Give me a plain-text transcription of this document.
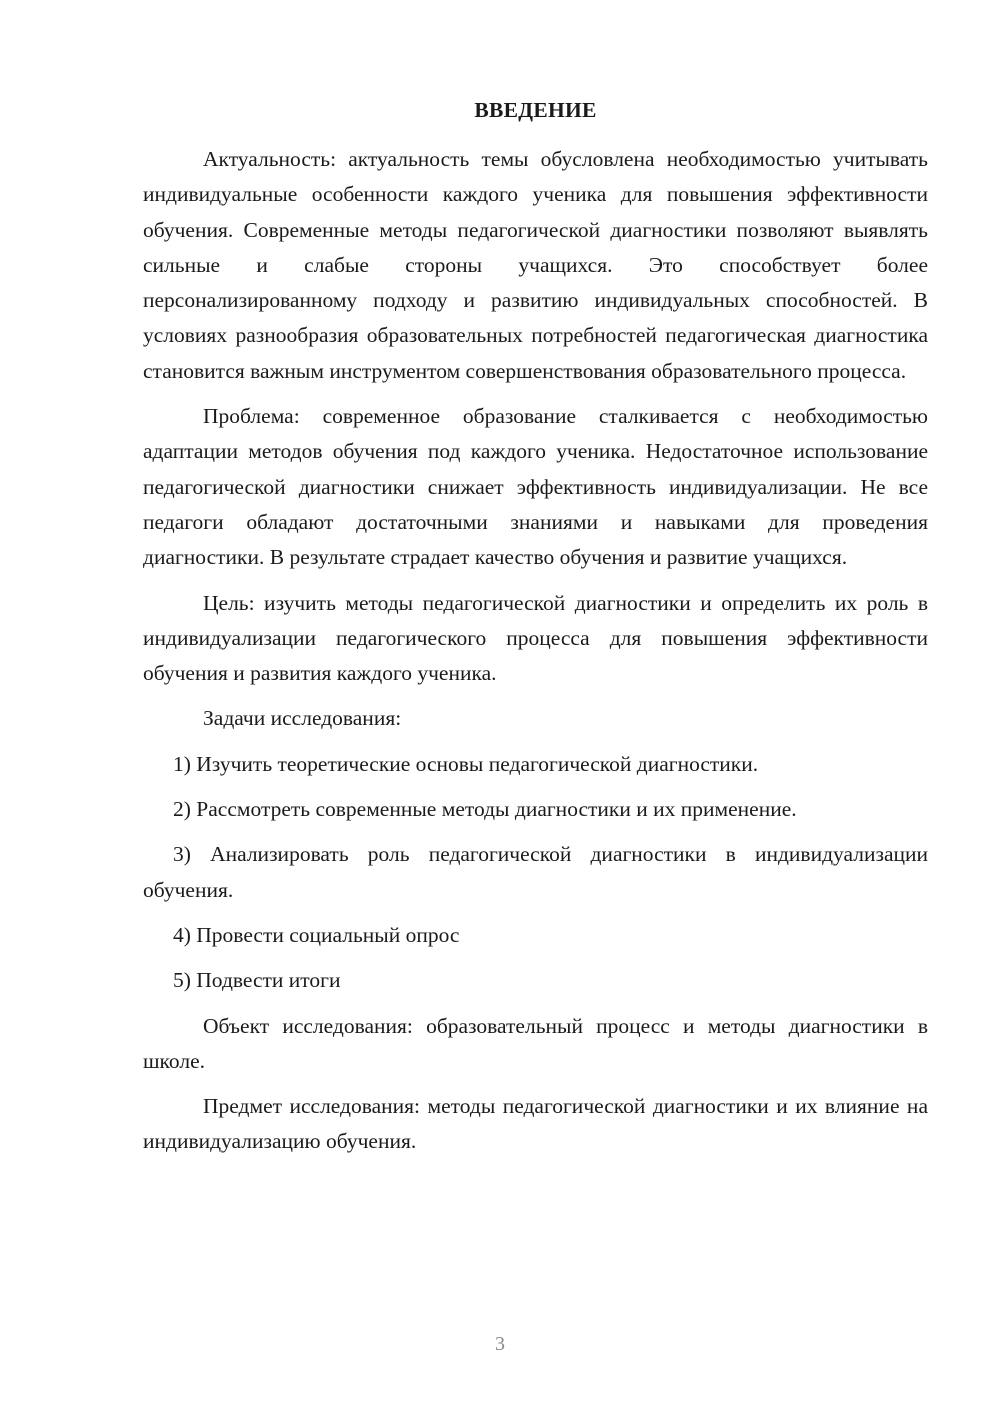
ВВЕДЕНИЕ

Актуальность: актуальность темы обусловлена необходимостью учитывать индивидуальные особенности каждого ученика для повышения эффективности обучения. Современные методы педагогической диагностики позволяют выявлять сильные и слабые стороны учащихся. Это способствует более персонализированному подходу и развитию индивидуальных способностей. В условиях разнообразия образовательных потребностей педагогическая диагностика становится важным инструментом совершенствования образовательного процесса.

Проблема: современное образование сталкивается с необходимостью адаптации методов обучения под каждого ученика. Недостаточное использование педагогической диагностики снижает эффективность индивидуализации. Не все педагоги обладают достаточными знаниями и навыками для проведения диагностики. В результате страдает качество обучения и развитие учащихся.

Цель: изучить методы педагогической диагностики и определить их роль в индивидуализации педагогического процесса для повышения эффективности обучения и развития каждого ученика.

Задачи исследования:

1) Изучить теоретические основы педагогической диагностики.

2) Рассмотреть современные методы диагностики и их применение.

3) Анализировать роль педагогической диагностики в индивидуализации обучения.

4) Провести социальный опрос

5) Подвести итоги

Объект исследования: образовательный процесс и методы диагностики в школе.

Предмет исследования: методы педагогической диагностики и их влияние на индивидуализацию обучения.

3
